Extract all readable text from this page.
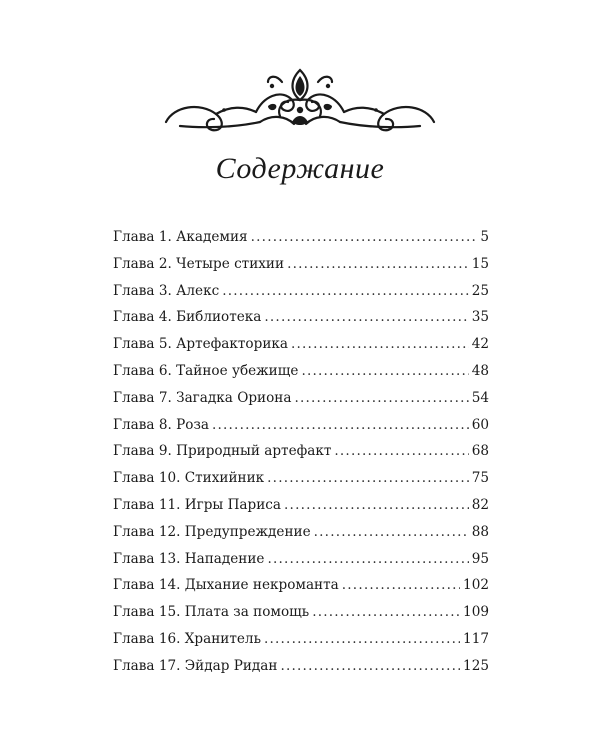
Содержание
Глава 1. Академия .....	5
Глава 2. Четыре стихии .....	15
Глава 3. Алекс .....	25
Глава 4. Библиотека .....	35
Глава 5. Артефакторика .....	42
Глава 6. Тайное убежище .....	48
Глава 7. Загадка Ориона .....	54
Глава 8. Роза .....	60
Глава 9. Природный артефакт .....	68
Глава 10. Стихийник .....	75
Глава 11. Игры Париса .....	82
Глава 12. Предупреждение .....	88
Глава 13. Нападение .....	95
Глава 14. Дыхание некроманта .....	102
Глава 15. Плата за помощь .....	109
Глава 16. Хранитель .....	117
Глава 17. Эйдар Ридан .....	125
